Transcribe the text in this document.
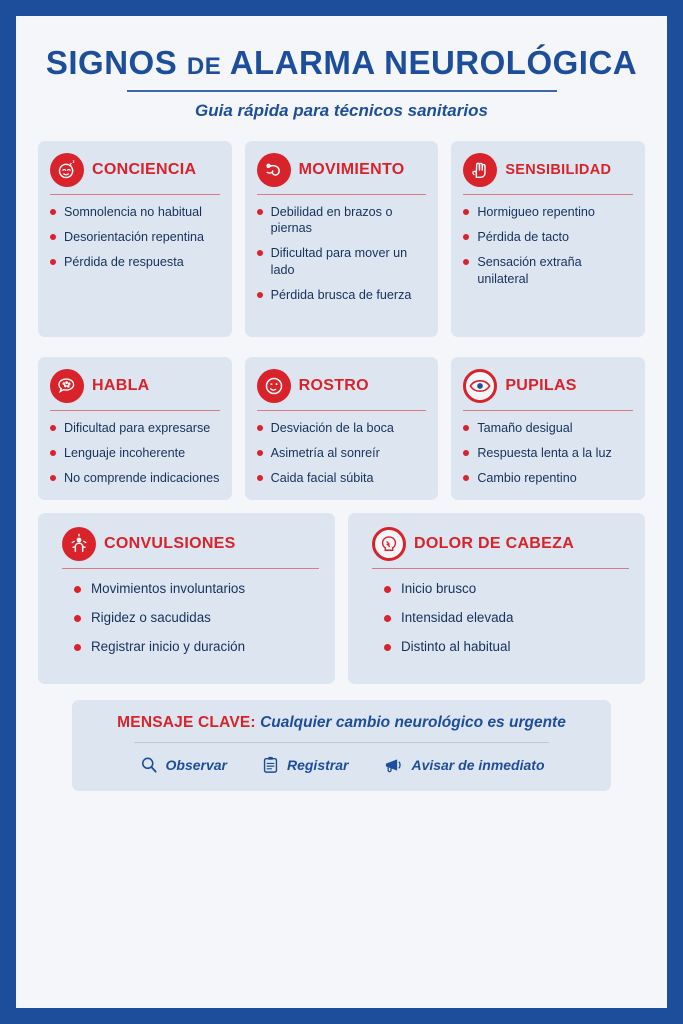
SIGNOS DE ALARMA NEUROLÓGICA
Guia rápida para técnicos sanitarios
z
z CONCIENCIA
Somnolencia no habitual
Desorientación repentina
Pérdida de respuesta
MOVIMIENTO
Debilidad en brazos o piernas
Dificultad para mover un lado
Pérdida brusca de fuerza
SENSIBILIDAD
Hormigueo repentino
Pérdida de tacto
Sensación extraña unilateral
HABLA
Dificultad para expresarse
Lenguaje incoherente
No comprende indicaciones
ROSTRO
Desviación de la boca
Asimetría al sonreír
Caida facial súbita
PUPILAS
Tamaño desigual
Respuesta lenta a la luz
Cambio repentino
CONVULSIONES
Movimientos involuntarios
Rigidez o sacudidas
Registrar inicio y duración
DOLOR DE CABEZA
Inicio brusco
Intensidad elevada
Distinto al habitual
MENSAJE CLAVE: Cualquier cambio neurológico es urgente
Observar	Registrar	Avisar de inmediato
